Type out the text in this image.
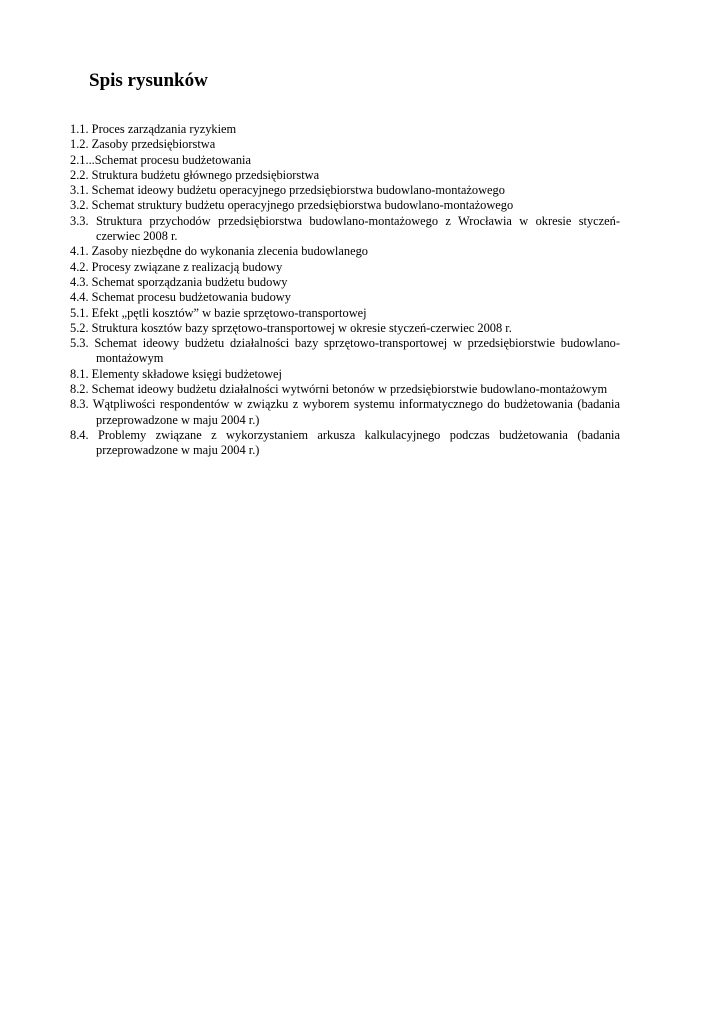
Spis rysunków
1.1. Proces zarządzania ryzykiem
1.2. Zasoby przedsiębiorstwa
2.1...Schemat procesu budżetowania
2.2. Struktura budżetu głównego przedsiębiorstwa
3.1. Schemat ideowy budżetu operacyjnego przedsiębiorstwa budowlano-montażowego
3.2. Schemat struktury budżetu operacyjnego przedsiębiorstwa budowlano-montażowego
3.3. Struktura przychodów przedsiębiorstwa budowlano-montażowego z Wrocławia w okresie styczeń-czerwiec 2008 r.
4.1. Zasoby niezbędne do wykonania zlecenia budowlanego
4.2. Procesy związane z realizacją budowy
4.3. Schemat sporządzania budżetu budowy
4.4. Schemat procesu budżetowania budowy
5.1. Efekt „pętli kosztów” w bazie sprzętowo-transportowej
5.2. Struktura kosztów bazy sprzętowo-transportowej w okresie styczeń-czerwiec 2008 r.
5.3. Schemat ideowy budżetu działalności bazy sprzętowo-transportowej w przedsiębiorstwie budowlano-montażowym
8.1. Elementy składowe księgi budżetowej
8.2. Schemat ideowy budżetu działalności wytwórni betonów w przedsiębiorstwie budowlano-montażowym
8.3. Wątpliwości respondentów w związku z wyborem systemu informatycznego do budżetowania (badania przeprowadzone w maju 2004 r.)
8.4. Problemy związane z wykorzystaniem arkusza kalkulacyjnego podczas budżetowania (badania przeprowadzone w maju 2004 r.)
